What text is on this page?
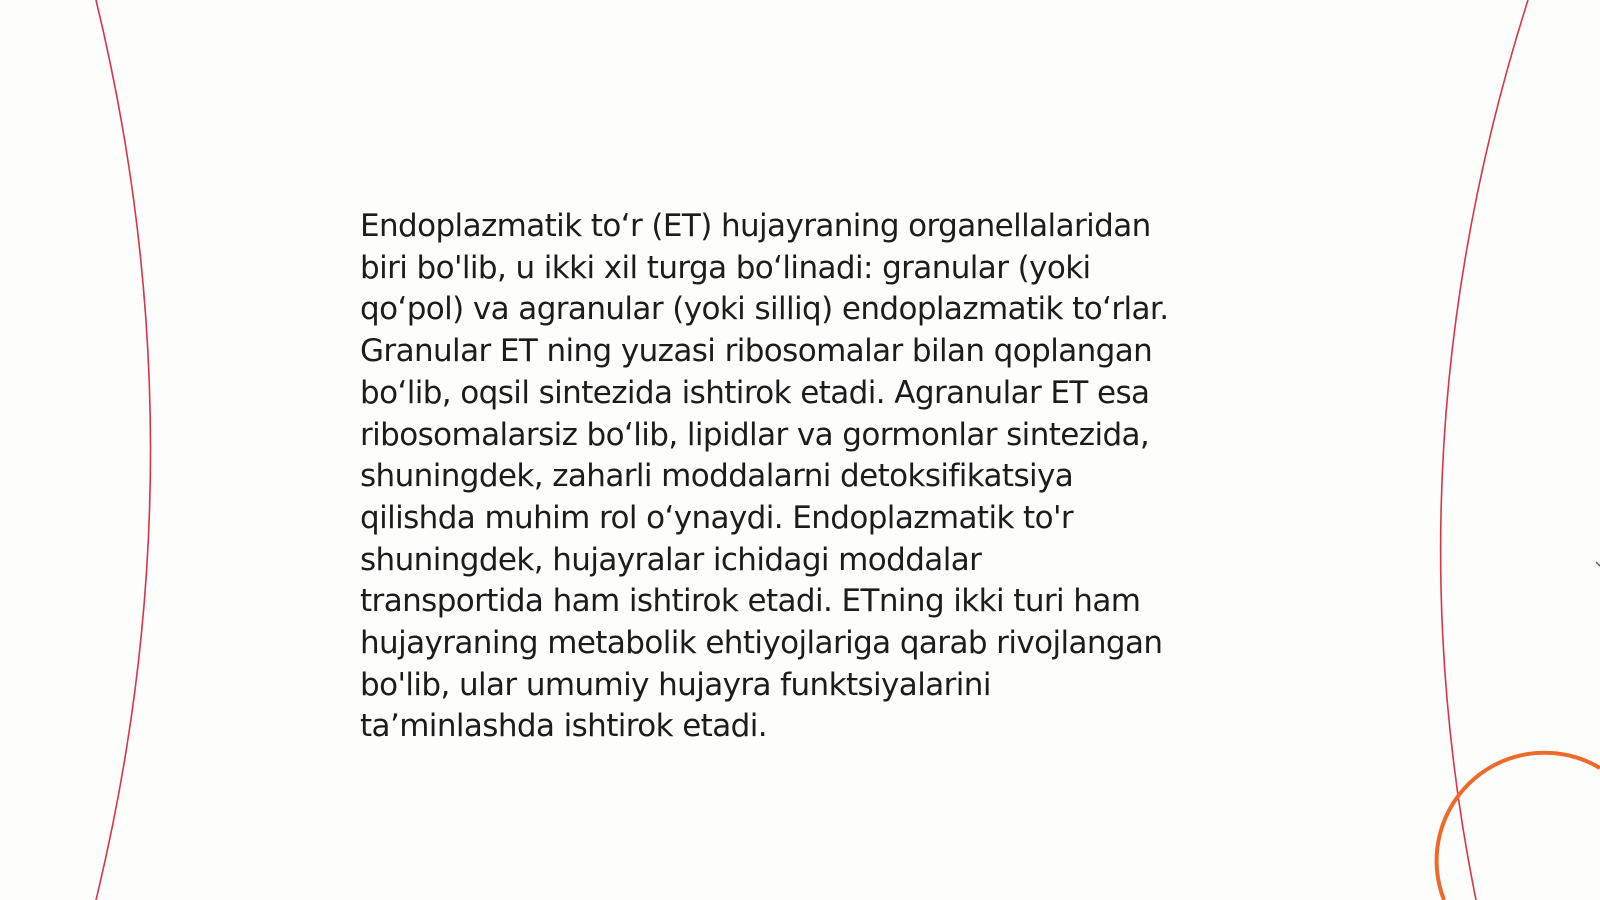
Endoplazmatik to‘r (ET) hujayraning organellalaridan
biri bo'lib, u ikki xil turga bo‘linadi: granular (yoki
qo‘pol) va agranular (yoki silliq) endoplazmatik to‘rlar.
Granular ET ning yuzasi ribosomalar bilan qoplangan
bo‘lib, oqsil sintezida ishtirok etadi. Agranular ET esa
ribosomalarsiz bo‘lib, lipidlar va gormonlar sintezida,
shuningdek, zaharli moddalarni detoksifikatsiya
qilishda muhim rol o‘ynaydi. Endoplazmatik to'r
shuningdek, hujayralar ichidagi moddalar
transportida ham ishtirok etadi. ETning ikki turi ham
hujayraning metabolik ehtiyojlariga qarab rivojlangan
bo'lib, ular umumiy hujayra funktsiyalarini
ta’minlashda ishtirok etadi.
